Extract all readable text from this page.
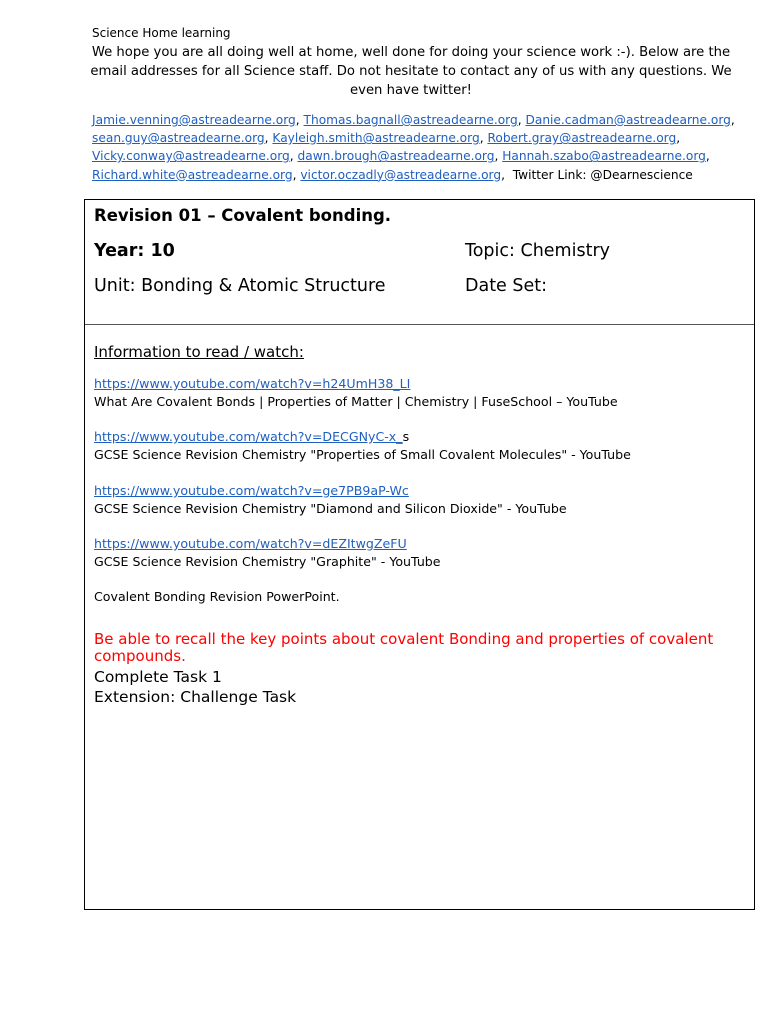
Science Home learning
We hope you are all doing well at home, well done for doing your science work :-). Below are the email addresses for all Science staff. Do not hesitate to contact any of us with any questions. We even have twitter!
Jamie.venning@astreadearne.org, Thomas.bagnall@astreadearne.org, Danie.cadman@astreadearne.org,
sean.guy@astreadearne.org, Kayleigh.smith@astreadearne.org, Robert.gray@astreadearne.org,
Vicky.conway@astreadearne.org, dawn.brough@astreadearne.org, Hannah.szabo@astreadearne.org,
Richard.white@astreadearne.org, victor.oczadly@astreadearne.org,  Twitter Link: @Dearnescience
Revision 01 – Covalent bonding.
Year: 10	Topic: Chemistry
Unit: Bonding & Atomic Structure	Date Set:
Information to read / watch:
https://www.youtube.com/watch?v=h24UmH38_LI
What Are Covalent Bonds | Properties of Matter | Chemistry | FuseSchool – YouTube
https://www.youtube.com/watch?v=DECGNyC-x_s
GCSE Science Revision Chemistry "Properties of Small Covalent Molecules" - YouTube
https://www.youtube.com/watch?v=ge7PB9aP-Wc
GCSE Science Revision Chemistry "Diamond and Silicon Dioxide" - YouTube
https://www.youtube.com/watch?v=dEZItwgZeFU
GCSE Science Revision Chemistry "Graphite" - YouTube
Covalent Bonding Revision PowerPoint.
Be able to recall the key points about covalent Bonding and properties of covalent compounds.
Complete Task 1
Extension: Challenge Task
